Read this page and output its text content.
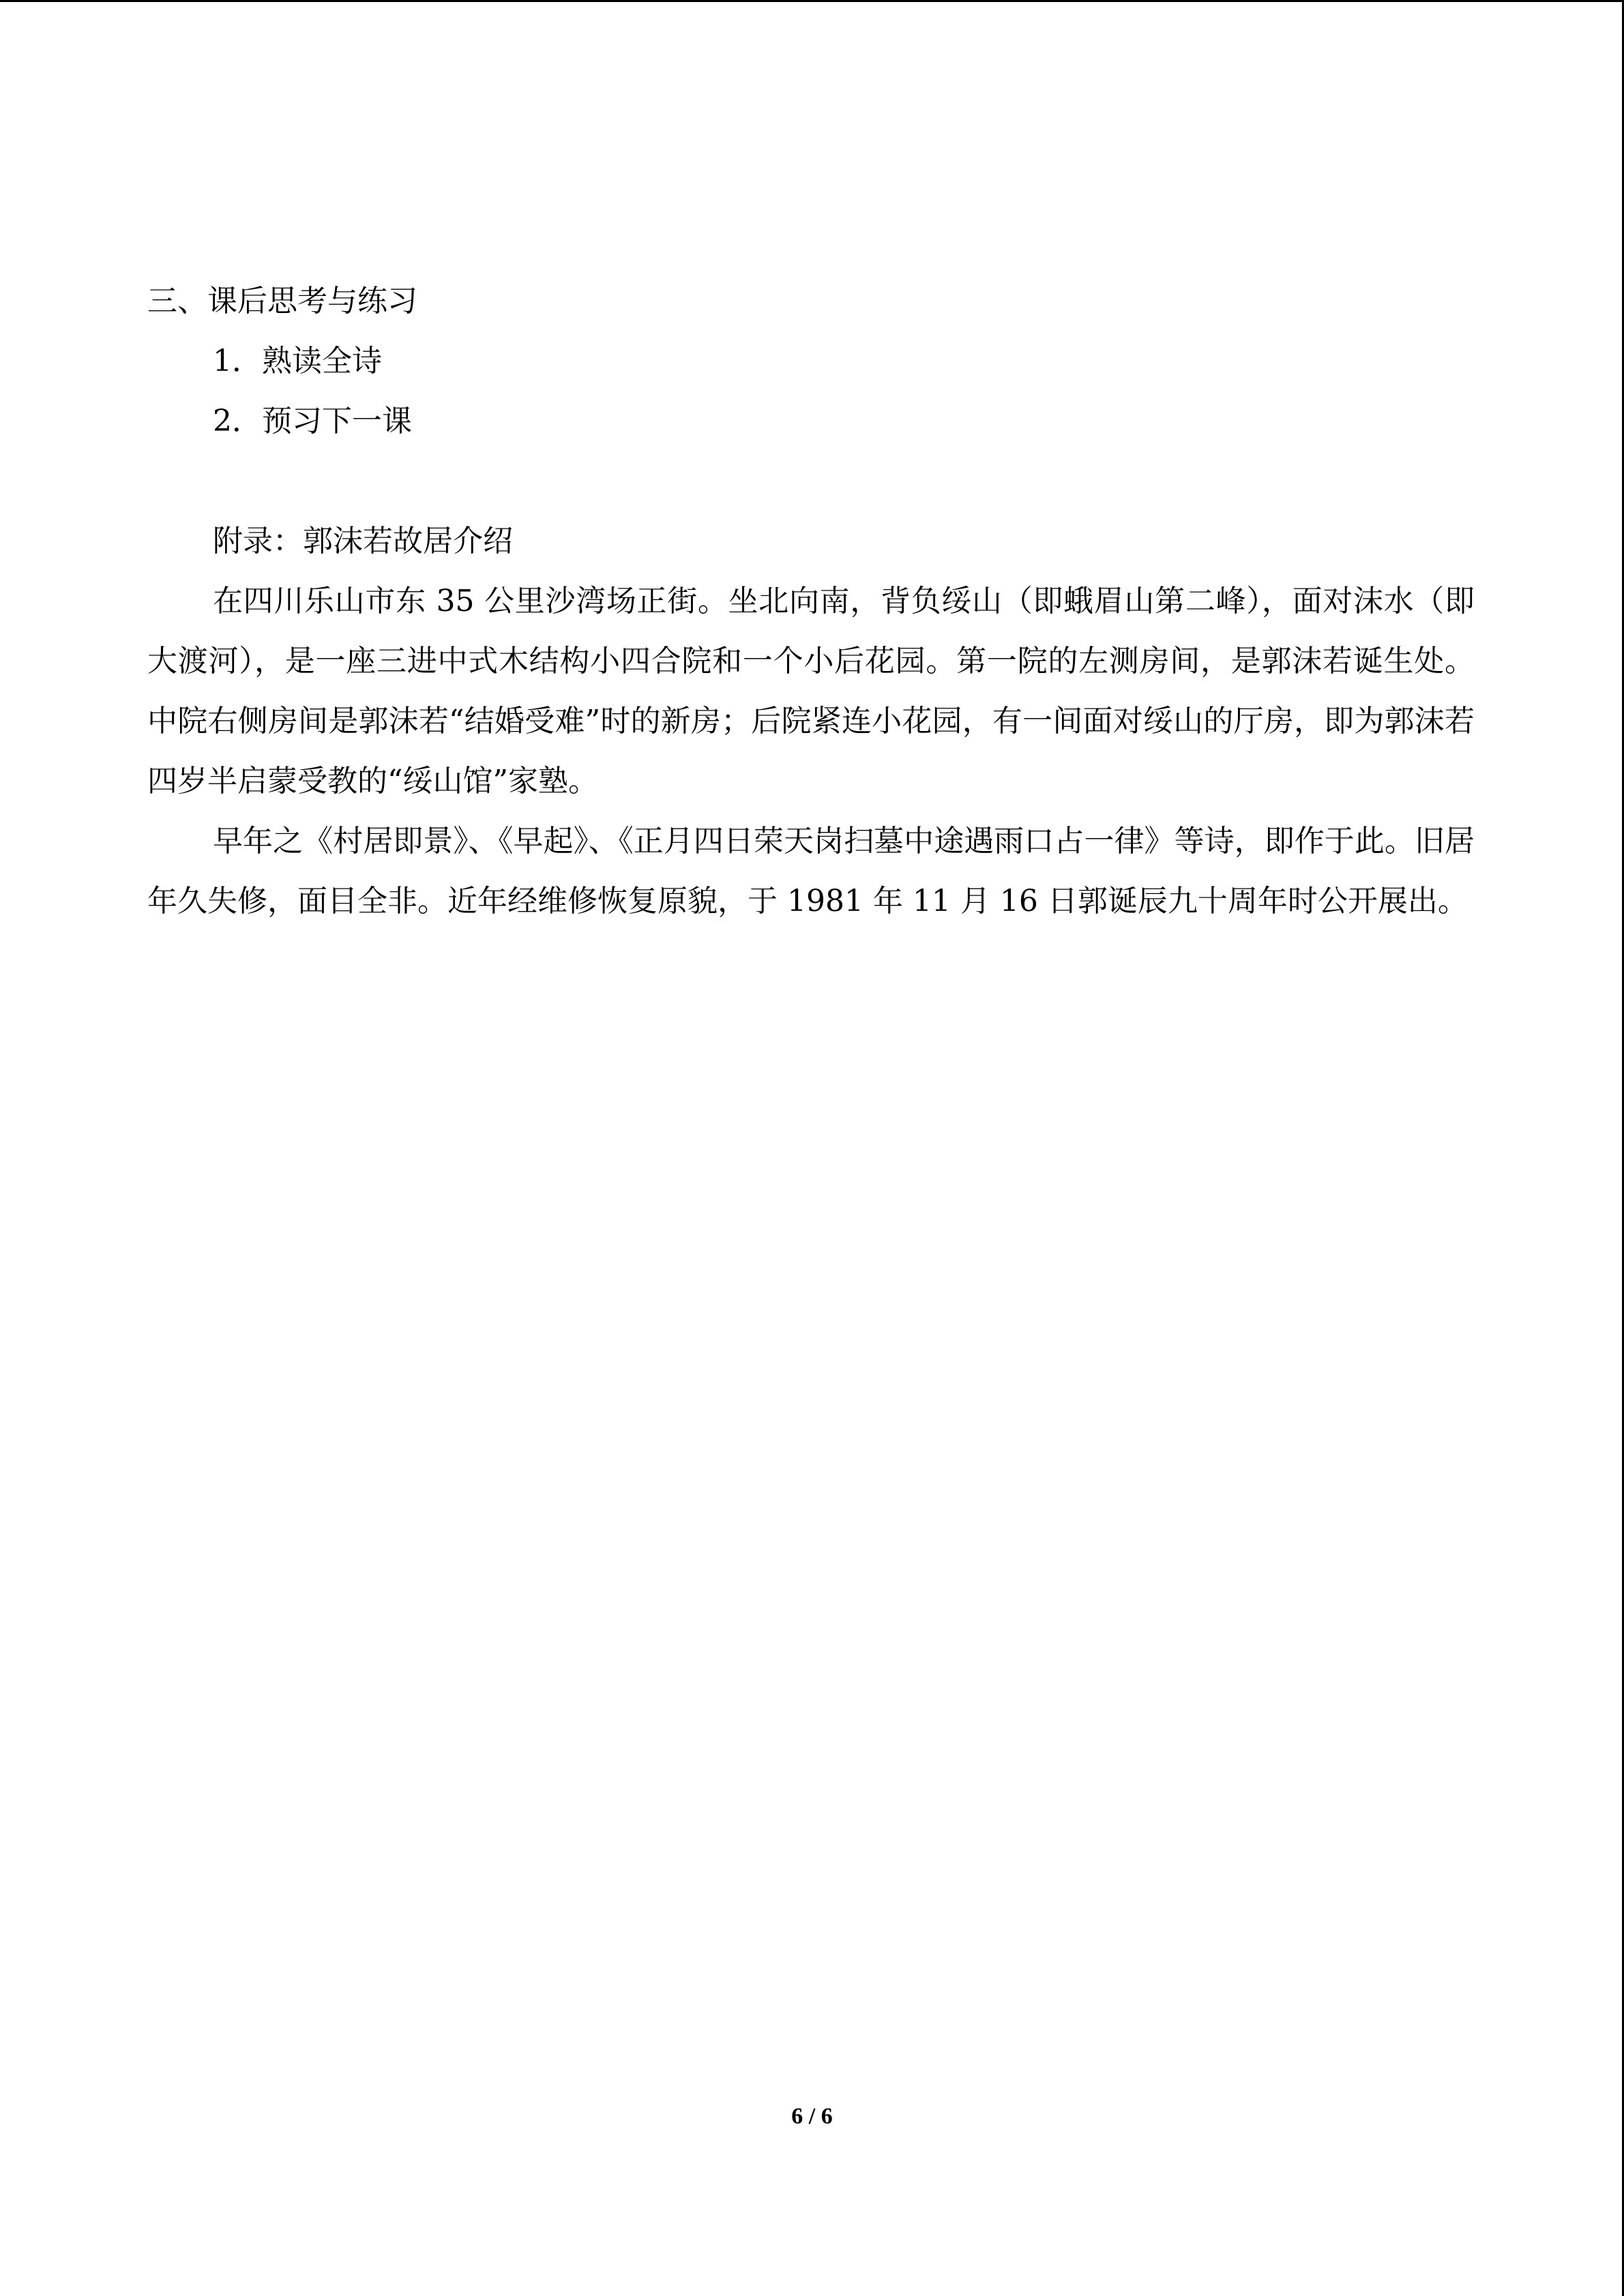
三、课后思考与练习

1．熟读全诗

2．预习下一课

附录：郭沫若故居介绍

在四川乐山市东 35 公里沙湾场正街。坐北向南，背负绥山（即蛾眉山第二峰），面对沫水（即大渡河），是一座三进中式木结构小四合院和一个小后花园。第一院的左测房间，是郭沫若诞生处。中院右侧房间是郭沫若“结婚受难”时的新房；后院紧连小花园，有一间面对绥山的厅房，即为郭沫若四岁半启蒙受教的“绥山馆”家塾。

早年之《村居即景》、《早起》、《正月四日荣天岗扫墓中途遇雨口占一律》等诗，即作于此。旧居年久失修，面目全非。近年经维修恢复原貌，于 1981 年 11 月 16 日郭诞辰九十周年时公开展出。

6 / 6
